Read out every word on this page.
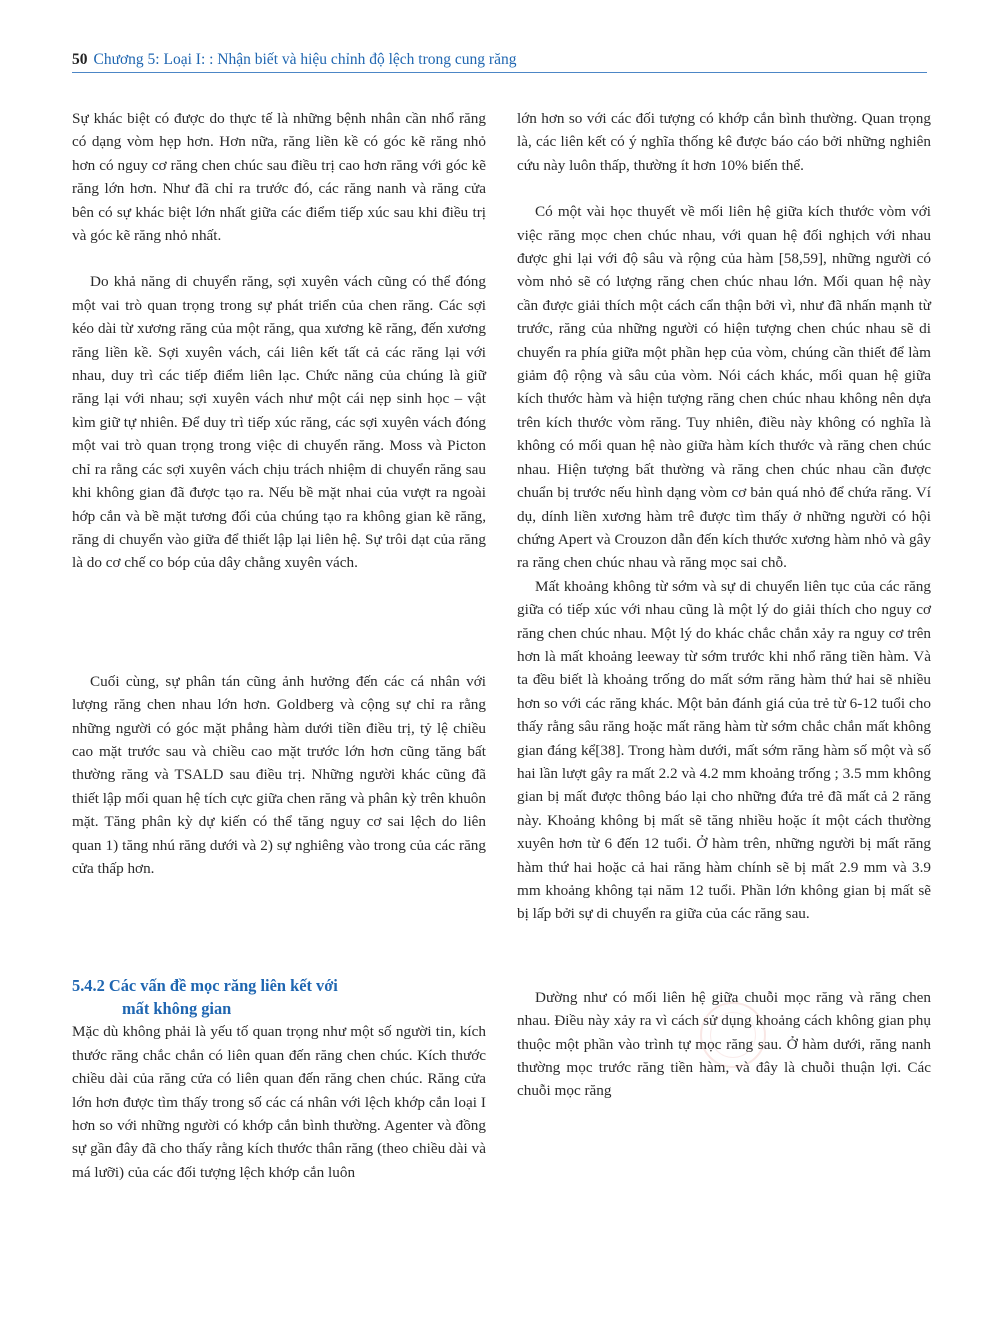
50 Chương 5: Loại I: : Nhận biết và hiệu chỉnh độ lệch trong cung răng

Sự khác biệt có được do thực tế là những bệnh nhân cần nhổ răng có dạng vòm hẹp hơn. Hơn nữa, răng liền kề có góc kẽ răng nhỏ hơn có nguy cơ răng chen chúc sau điều trị cao hơn răng với góc kẽ răng lớn hơn. Như đã chỉ ra trước đó, các răng nanh và răng cửa bên có sự khác biệt lớn nhất giữa các điểm tiếp xúc sau khi điều trị và góc kẽ răng nhỏ nhất.

Do khả năng di chuyển răng, sợi xuyên vách cũng có thể đóng một vai trò quan trọng trong sự phát triển của chen răng. Các sợi kéo dài từ xương răng của một răng, qua xương kẽ răng, đến xương răng liền kề. Sợi xuyên vách, cái liên kết tất cả các răng lại với nhau, duy trì các tiếp điểm liên lạc. Chức năng của chúng là giữ răng lại với nhau; sợi xuyên vách như một cái nẹp sinh học – vật kìm giữ tự nhiên. Để duy trì tiếp xúc răng, các sợi xuyên vách đóng một vai trò quan trọng trong việc di chuyển răng. Moss và Picton chỉ ra rằng các sợi xuyên vách chịu trách nhiệm di chuyển răng sau khi không gian đã được tạo ra. Nếu bề mặt nhai của vượt ra ngoài hớp cắn và bề mặt tương đối của chúng tạo ra không gian kẽ răng, răng di chuyển vào giữa để thiết lập lại liên hệ. Sự trôi dạt của răng là do cơ chế co bóp của dây chằng xuyên vách.

Cuối cùng, sự phân tán cũng ảnh hưởng đến các cá nhân với lượng răng chen nhau lớn hơn. Goldberg và cộng sự chỉ ra rằng những người có góc mặt phẳng hàm dưới tiền điều trị, tỷ lệ chiều cao mặt trước sau và chiều cao mặt trước lớn hơn cũng tăng bất thường răng và TSALD sau điều trị. Những người khác cũng đã thiết lập mối quan hệ tích cực giữa chen răng và phân kỳ trên khuôn mặt. Tăng phân kỳ dự kiến có thể tăng nguy cơ sai lệch do liên quan 1) tăng nhú răng dưới và 2) sự nghiêng vào trong của các răng cửa thấp hơn.

5.4.2 Các vấn đề mọc răng liên kết với
mất không gian

Mặc dù không phải là yếu tố quan trọng như một số người tin, kích thước răng chắc chắn có liên quan đến răng chen chúc. Kích thước chiều dài của răng cửa có liên quan đến răng chen chúc. Răng cửa lớn hơn được tìm thấy trong số các cá nhân với lệch khớp cắn loại I hơn so với những người có khớp cắn bình thường. Agenter và đồng sự gần đây đã cho thấy rằng kích thước thân răng (theo chiều dài và má lưỡi) của các đối tượng lệch khớp cắn luôn

lớn hơn so với các đối tượng có khớp cắn bình thường. Quan trọng là, các liên kết có ý nghĩa thống kê được báo cáo bởi những nghiên cứu này luôn thấp, thường ít hơn 10% biến thể.

Có một vài học thuyết về mối liên hệ giữa kích thước vòm với việc răng mọc chen chúc nhau, với quan hệ đối nghịch với nhau được ghi lại với độ sâu và rộng của hàm [58,59], những người có vòm nhỏ sẽ có lượng răng chen chúc nhau lớn. Mối quan hệ này cần được giải thích một cách cẩn thận bởi vì, như đã nhấn mạnh từ trước, răng của những người có hiện tượng chen chúc nhau sẽ di chuyển ra phía giữa một phần hẹp của vòm, chúng cần thiết để làm giảm độ rộng và sâu của vòm. Nói cách khác, mối quan hệ giữa kích thước hàm và hiện tượng răng chen chúc nhau không nên dựa trên kích thước vòm răng. Tuy nhiên, điều này không có nghĩa là không có mối quan hệ nào giữa hàm kích thước và răng chen chúc nhau. Hiện tượng bất thường và răng chen chúc nhau cần được chuẩn bị trước nếu hình dạng vòm cơ bản quá nhỏ để chứa răng. Ví dụ, dính liền xương hàm trê được tìm thấy ở những người có hội chứng Apert và Crouzon dẫn đến kích thước xương hàm nhỏ và gây ra răng chen chúc nhau và răng mọc sai chỗ.

Mất khoảng không từ sớm và sự di chuyển liên tục của các răng giữa có tiếp xúc với nhau cũng là một lý do giải thích cho nguy cơ răng chen chúc nhau. Một lý do khác chắc chắn xảy ra nguy cơ trên hơn là mất khoảng leeway từ sớm trước khi nhổ răng tiền hàm. Và ta đều biết là khoảng trống do mất sớm răng hàm thứ hai sẽ nhiều hơn so với các răng khác. Một bản đánh giá của trẻ từ 6-12 tuổi cho thấy rằng sâu răng hoặc mất răng hàm từ sớm chắc chắn mất không gian đáng kể[38]. Trong hàm dưới, mất sớm răng hàm số một và số hai lần lượt gây ra mất 2.2 và 4.2 mm khoảng trống ; 3.5 mm không gian bị mất được thông báo lại cho những đứa trẻ đã mất cả 2 răng này. Khoảng không bị mất sẽ tăng nhiều hoặc ít một cách thường xuyên hơn từ 6 đến 12 tuổi. Ở hàm trên, những người bị mất răng hàm thứ hai hoặc cả hai răng hàm chính sẽ bị mất 2.9 mm và 3.9 mm khoảng không tại năm 12 tuổi. Phần lớn không gian bị mất sẽ bị lấp bởi sự di chuyển ra giữa của các răng sau.

Dường như có mối liên hệ giữa chuỗi mọc răng và răng chen nhau. Điều này xảy ra vì cách sử dụng khoảng cách không gian phụ thuộc một phần vào trình tự mọc răng sau. Ở hàm dưới, răng nanh thường mọc trước răng tiền hàm, và đây là chuỗi thuận lợi. Các chuỗi mọc răng
